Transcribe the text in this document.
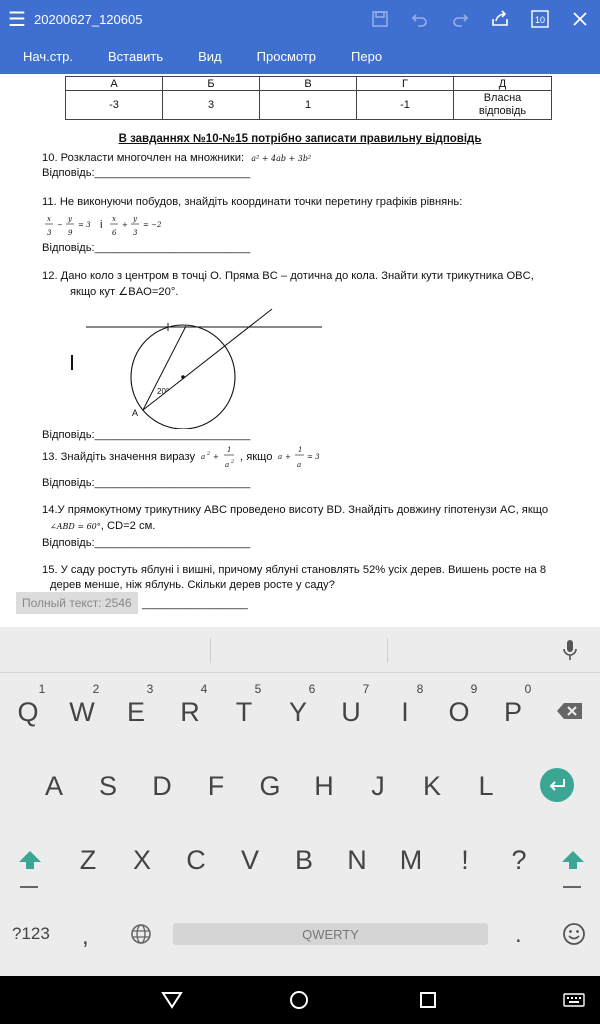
☰ 20200627_120605	10
Нач.стр.	Вставить	Вид	Просмотр	Перо
А	Б	В	Г	Д
-3	3	1	-1	Власна відповідь
В завданнях №10-№15 потрібно записати правильну відповідь
10. Розкласти многочлен на множники: a² + 4ab + 3b²
Відповідь:_________________________
11. Не виконуючи побудов, знайдіть координати точки перетину графіків рівнянь:
x
3
−
y
9
= 3
x
6
+
y
3
= −2
і
Відповідь:_________________________
12. Дано коло з центром в точці O. Пряма BC – дотична до кола. Знайти кути трикутника OBC,
якщо кут ∠BAO=20°.
20°
A
Відповідь:_________________________
13. Знайдіть значення виразу a 2 +
1
a 2 , якщо a +
1
a
= 3
Відповідь:_________________________
14.У прямокутному трикутнику ABC проведено висоту BD. Знайдіть довжину гіпотенузи AC, якщо
∠ABD = 60°, CD=2 см.
Відповідь:_________________________
15. У саду ростуть яблуні і вишні, причому яблуні становлять 52% усіх дерев. Вишень росте на 8
дерев менше, ніж яблунь. Скільки дерев росте у саду?
_________________
Полный текст: 2546
1	2	3	4	5	6	7	8	9	0
Q	W	E	R	T	Y	U	I	O	P
A	S	D	F	G	H	J	K	L
Z	X	C	V	B	N	M	!	?
?123 ,	QWERTY	.
